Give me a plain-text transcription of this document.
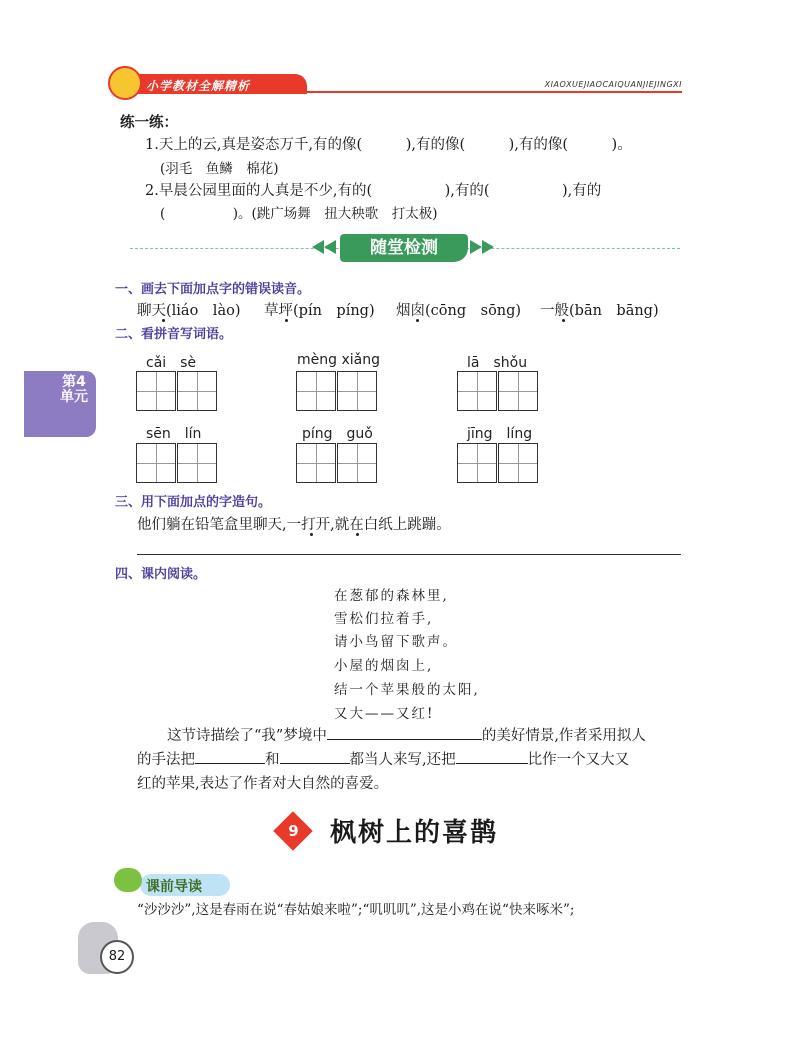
小学教材全解精析	XIAOXUEJIAOCAIQUANJIEJINGXI
第4单元
练一练：
1.天上的云,真是姿态万千,有的像(　　　),有的像(　　　),有的像(　　　)。
(羽毛　鱼鳞　棉花)
2.早晨公园里面的人真是不少,有的(　　　　　),有的(　　　　　),有的
(　　　　　)。(跳广场舞　扭大秧歌　打太极)
随堂检测
一、画去下面加点字的错误读音。
聊天(liáo　lào) 草坪(pín　píng) 烟囱(cōng　sōng) 一般(bān　bāng)
二、看拼音写词语。
cǎi　sè	mèng xiǎng	lā　shǒu
sēn　lín	píng　guǒ	jīng　líng
三、用下面加点的字造句。
他们躺在铅笔盒里聊天,一打开,就在白纸上跳蹦。
四、课内阅读。
在葱郁的森林里,
雪松们拉着手,
请小鸟留下歌声。
小屋的烟囱上,
结一个苹果般的太阳,
又大——又红!
这节诗描绘了“我”梦境中	的美好情景,作者采用拟人
的手法把	和	都当人来写,还把	比作一个又大又
红的苹果,表达了作者对大自然的喜爱。
9	枫树上的喜鹊
课前导读
“沙沙沙”,这是春雨在说“春姑娘来啦”;“叽叽叽”,这是小鸡在说“快来啄米”;
82
